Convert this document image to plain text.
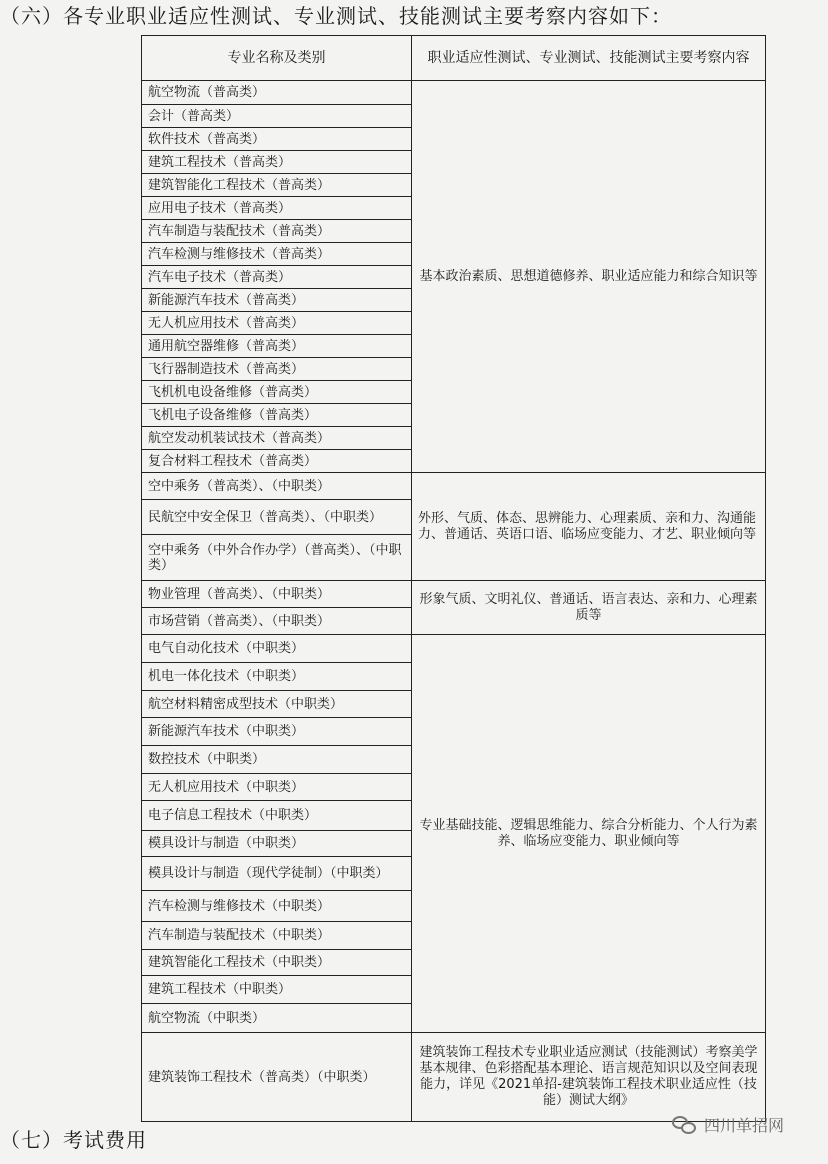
（六）各专业职业适应性测试、专业测试、技能测试主要考察内容如下：
专业名称及类别	职业适应性测试、专业测试、技能测试主要考察内容
航空物流（普高类）	基本政治素质、思想道德修养、职业适应能力和综合知识等
会计（普高类）	
软件技术（普高类）	
建筑工程技术（普高类）	
建筑智能化工程技术（普高类）	
应用电子技术（普高类）	
汽车制造与装配技术（普高类）	
汽车检测与维修技术（普高类）	
汽车电子技术（普高类）	
新能源汽车技术（普高类）	
无人机应用技术（普高类）	
通用航空器维修（普高类）	
飞行器制造技术（普高类）	
飞机机电设备维修（普高类）	
飞机电子设备维修（普高类）	
航空发动机装试技术（普高类）	
复合材料工程技术（普高类）	
空中乘务（普高类）、（中职类）	外形、气质、体态、思辨能力、心理素质、亲和力、沟通能力、普通话、英语口语、临场应变能力、才艺、职业倾向等
民航空中安全保卫（普高类）、（中职类）	
空中乘务（中外合作办学）（普高类）、（中职类）	
物业管理（普高类）、（中职类）	形象气质、文明礼仪、普通话、语言表达、亲和力、心理素质等
市场营销（普高类）、（中职类）	
电气自动化技术（中职类）	专业基础技能、逻辑思维能力、综合分析能力、个人行为素养、临场应变能力、职业倾向等
机电一体化技术（中职类）	
航空材料精密成型技术（中职类）	
新能源汽车技术（中职类）	
数控技术（中职类）	
无人机应用技术（中职类）	
电子信息工程技术（中职类）	
模具设计与制造（中职类）	
模具设计与制造（现代学徒制）（中职类）	
汽车检测与维修技术（中职类）	
汽车制造与装配技术（中职类）	
建筑智能化工程技术（中职类）	
建筑工程技术（中职类）	
航空物流（中职类）	
建筑装饰工程技术（普高类）（中职类）	建筑装饰工程技术专业职业适应测试（技能测试）考察美学基本规律、色彩搭配基本理论、语言规范知识以及空间表现能力，详见《2021单招-建筑装饰工程技术职业适应性（技能）测试大纲》
（七）考试费用
四川单招网
